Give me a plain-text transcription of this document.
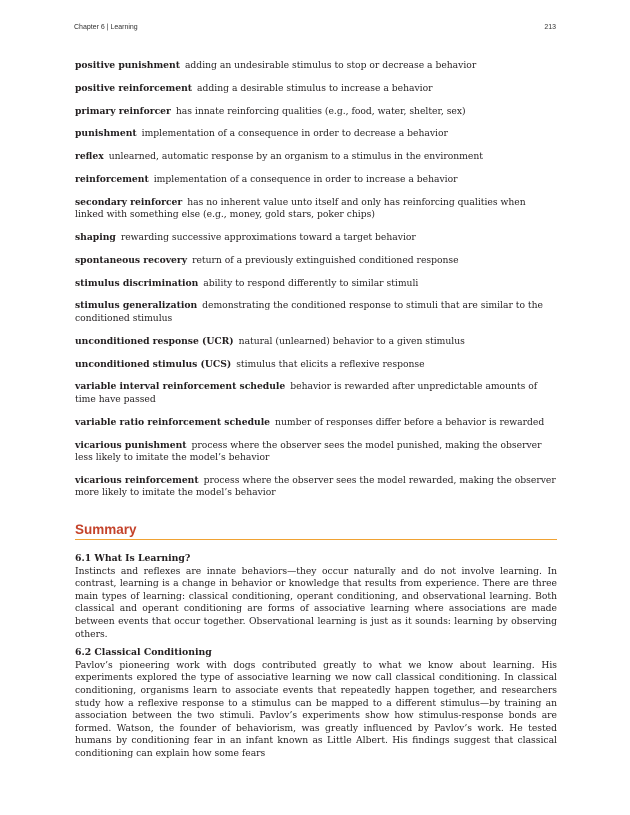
Chapter 6 | Learning	213

positive punishment adding an undesirable stimulus to stop or decrease a behavior

positive reinforcement adding a desirable stimulus to increase a behavior

primary reinforcer has innate reinforcing qualities (e.g., food, water, shelter, sex)

punishment implementation of a consequence in order to decrease a behavior

reflex unlearned, automatic response by an organism to a stimulus in the environment

reinforcement implementation of a consequence in order to increase a behavior

secondary reinforcer has no inherent value unto itself and only has reinforcing qualities when linked with something else (e.g., money, gold stars, poker chips)

shaping rewarding successive approximations toward a target behavior

spontaneous recovery return of a previously extinguished conditioned response

stimulus discrimination ability to respond differently to similar stimuli

stimulus generalization demonstrating the conditioned response to stimuli that are similar to the conditioned stimulus

unconditioned response (UCR) natural (unlearned) behavior to a given stimulus

unconditioned stimulus (UCS) stimulus that elicits a reflexive response

variable interval reinforcement schedule behavior is rewarded after unpredictable amounts of time have passed

variable ratio reinforcement schedule number of responses differ before a behavior is rewarded

vicarious punishment process where the observer sees the model punished, making the observer less likely to imitate the model’s behavior

vicarious reinforcement process where the observer sees the model rewarded, making the observer more likely to imitate the model’s behavior

Summary

6.1 What Is Learning?

Instincts and reflexes are innate behaviors—they occur naturally and do not involve learning. In contrast, learning is a change in behavior or knowledge that results from experience. There are three main types of learning: classical conditioning, operant conditioning, and observational learning. Both classical and operant conditioning are forms of associative learning where associations are made between events that occur together. Observational learning is just as it sounds: learning by observing others.

6.2 Classical Conditioning

Pavlov’s pioneering work with dogs contributed greatly to what we know about learning. His experiments explored the type of associative learning we now call classical conditioning. In classical conditioning, organisms learn to associate events that repeatedly happen together, and researchers study how a reflexive response to a stimulus can be mapped to a different stimulus—by training an association between the two stimuli. Pavlov’s experiments show how stimulus-response bonds are formed. Watson, the founder of behaviorism, was greatly influenced by Pavlov’s work. He tested humans by conditioning fear in an infant known as Little Albert. His findings suggest that classical conditioning can explain how some fears
